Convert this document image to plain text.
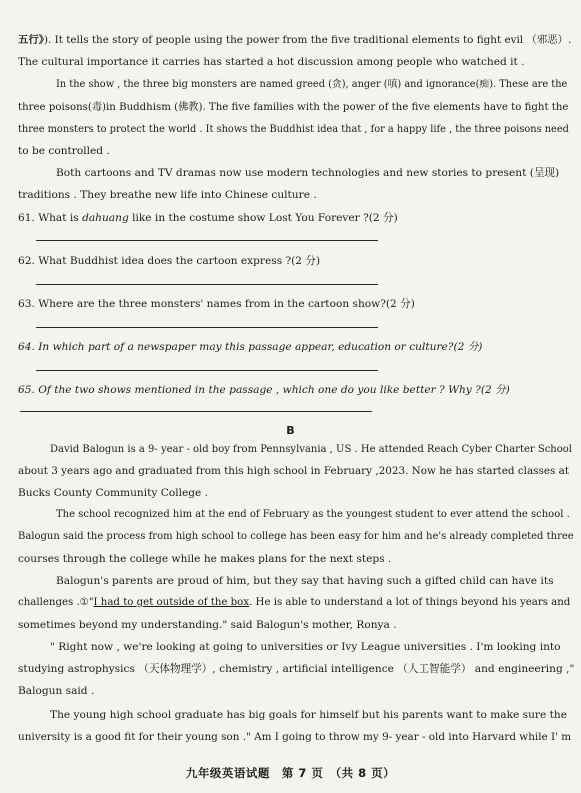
五行》). It tells the story of people using the power from the five traditional elements to fight evil （邪恶）.
The cultural importance it carries has started a hot discussion among people who watched it .
In the show , the three big monsters are named greed (贪), anger (嗔) and ignorance(痴). These are the
three poisons(毒)in Buddhism (佛教). The five families with the power of the five elements have to fight the
three monsters to protect the world . It shows the Buddhist idea that , for a happy life , the three poisons need
to be controlled .
Both cartoons and TV dramas now use modern technologies and new stories to present (呈现)
traditions . They breathe new life into Chinese culture .
61. What is dahuang like in the costume show Lost You Forever ?(2 分)
62. What Buddhist idea does the cartoon express ?(2 分)
63. Where are the three monsters' names from in the cartoon show?(2 分)
64. In which part of a newspaper may this passage appear, education or culture?(2 分)
65. Of the two shows mentioned in the passage , which one do you like better ? Why ?(2 分)
B
David Balogun is a 9- year - old boy from Pennsylvania , US . He attended Reach Cyber Charter School
about 3 years ago and graduated from this high school in February ,2023. Now he has started classes at
Bucks County Community College .
The school recognized him at the end of February as the youngest student to ever attend the school .
Balogun said the process from high school to college has been easy for him and he's already completed three
courses through the college while he makes plans for the next steps .
Balogun's parents are proud of him, but they say that having such a gifted child can have its
challenges .①"I had to get outside of the box. He is able to understand a lot of things beyond his years and
sometimes beyond my understanding." said Balogun's mother, Ronya .
" Right now , we're looking at going to universities or Ivy League universities . I'm looking into
studying astrophysics （天体物理学）, chemistry , artificial intelligence （人工智能学） and engineering ,"
Balogun said .
The young high school graduate has big goals for himself but his parents want to make sure the
university is a good fit for their young son ." Am I going to throw my 9- year - old into Harvard while I' m
九年级英语试题　第 7 页　（共 8 页）
